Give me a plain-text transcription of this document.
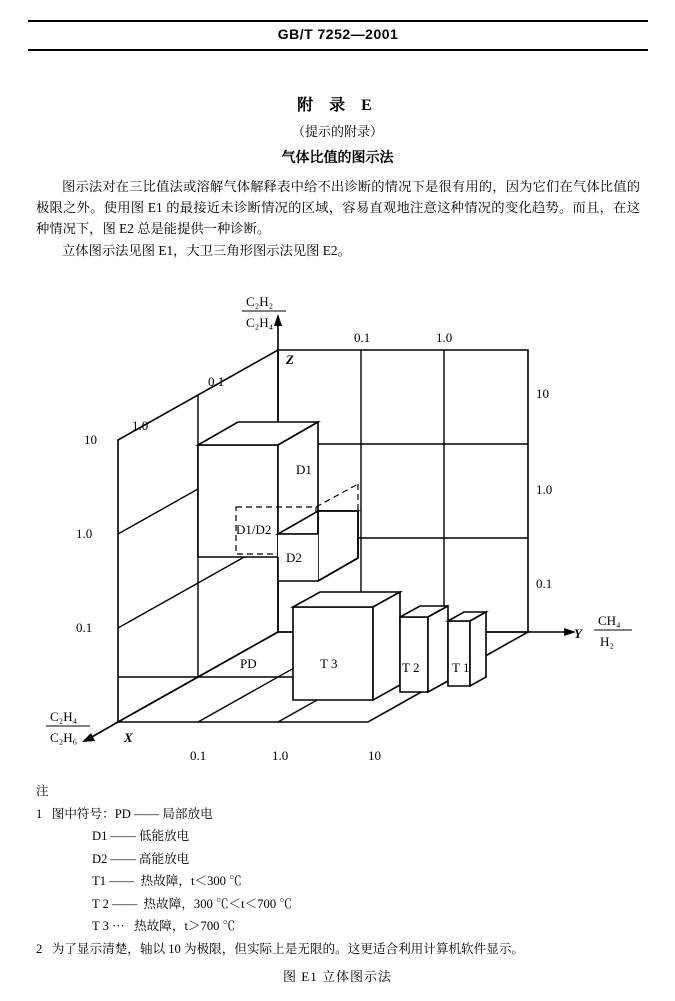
GB/T 7252—2001
附 录 E
（提示的附录）
气体比值的图示法
图示法对在三比值法或溶解气体解释表中给不出诊断的情况下是很有用的，因为它们在气体比值的极限之外。使用图 E1 的最接近未诊断情况的区域，容易直观地注意这种情况的变化趋势。而且，在这种情况下，图 E2 总是能提供一种诊断。
立体图示法见图 E1，大卫三角形图示法见图 E2。
Z
Y
X
C₂H₂
C₂H₄
CH₄
H₂
C₂H₄
C₂H₆
10
1.0
0.1
10
1.0
0.1
0.1
1.0
0.1	1.0
0.1	1.0	10
D1
D1/D2
D2
PD	T 3	T 2	T 1
注
1   图中符号：PD —— 局部放电
D1 —— 低能放电
D2 —— 高能放电
T1 ——  热故障，t＜300 ℃
T 2 ——  热故障，300 ℃＜t＜700 ℃
T 3 ···   热故障，t＞700 ℃
2   为了显示清楚，轴以 10 为极限，但实际上是无限的。这更适合利用计算机软件显示。
图 E1 立体图示法
